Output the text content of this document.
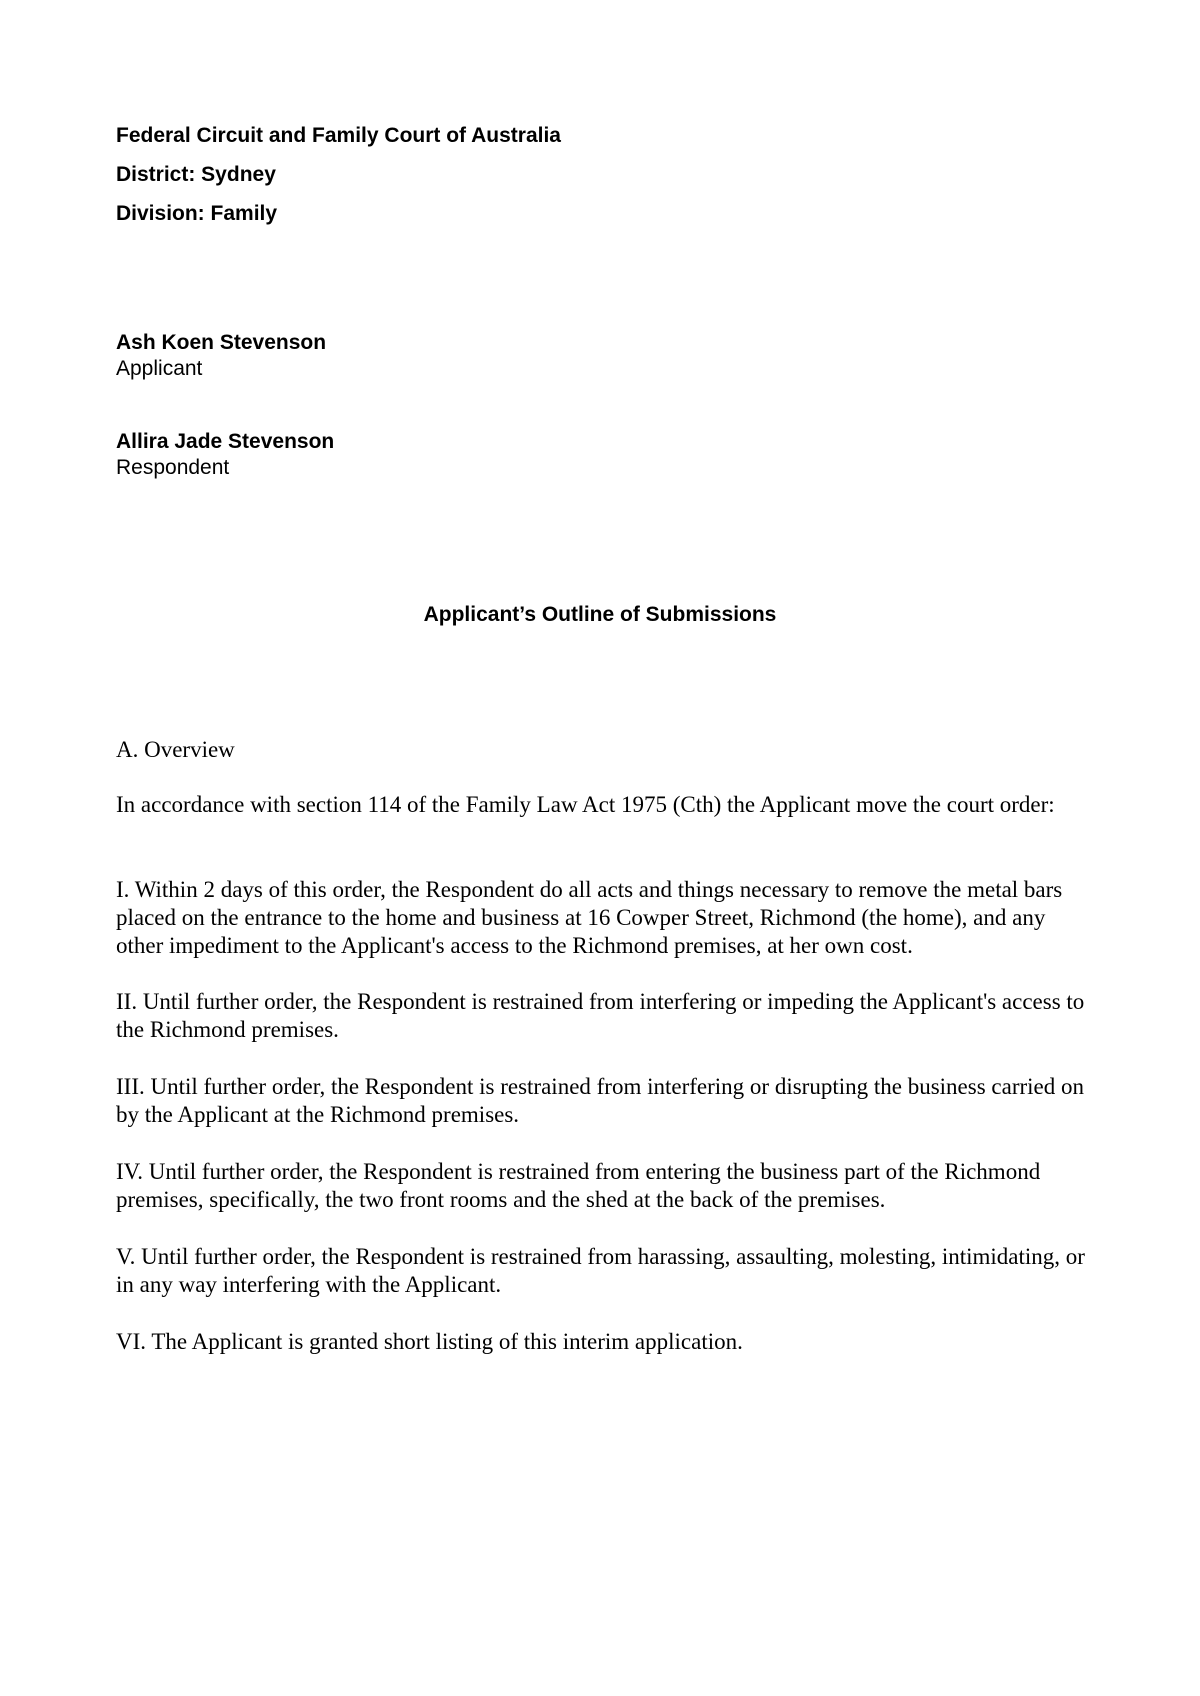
Federal Circuit and Family Court of Australia
District: Sydney
Division: Family
Ash Koen Stevenson
Applicant
Allira Jade Stevenson
Respondent
Applicant’s Outline of Submissions
A. Overview
In accordance with section 114 of the Family Law Act 1975 (Cth) the Applicant move the court order:
I. Within 2 days of this order, the Respondent do all acts and things necessary to remove the metal bars placed on the entrance to the home and business at 16 Cowper Street, Richmond (the home), and any other impediment to the Applicant's access to the Richmond premises, at her own cost.
II. Until further order, the Respondent is restrained from interfering or impeding the Applicant's access to the Richmond premises.
III. Until further order, the Respondent is restrained from interfering or disrupting the business carried on by the Applicant at the Richmond premises.
IV. Until further order, the Respondent is restrained from entering the business part of the Richmond premises, specifically, the two front rooms and the shed at the back of the premises.
V. Until further order, the Respondent is restrained from harassing, assaulting, molesting, intimidating, or in any way interfering with the Applicant.
VI. The Applicant is granted short listing of this interim application.
